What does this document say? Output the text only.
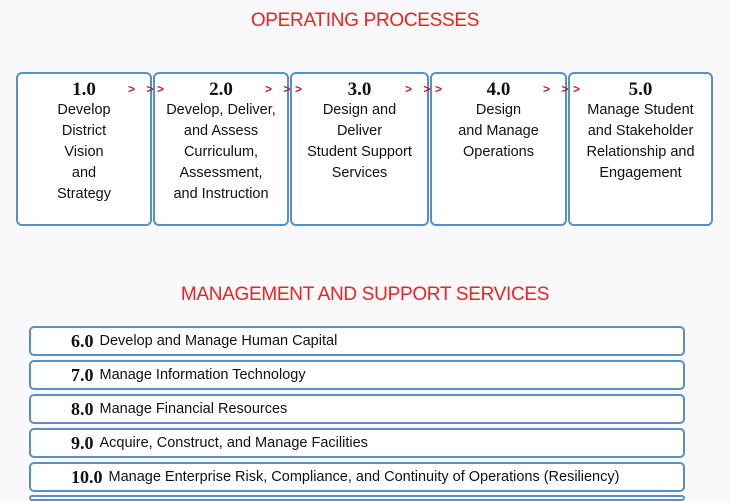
OPERATING PROCESSES
1.0
Develop
District
Vision
and
Strategy
2.0
Develop, Deliver,
and Assess
Curriculum,
Assessment,
and Instruction
3.0
Design and
Deliver
Student Support
Services
4.0
Design
and Manage
Operations
5.0
Manage Student
and Stakeholder
Relationship and
Engagement
> > >	> > >	> > >	> > >
MANAGEMENT AND SUPPORT SERVICES
6.0 Develop and Manage Human Capital
7.0 Manage Information Technology
8.0 Manage Financial Resources
9.0 Acquire, Construct, and Manage Facilities
10.0 Manage Enterprise Risk, Compliance, and Continuity of Operations (Resiliency)
